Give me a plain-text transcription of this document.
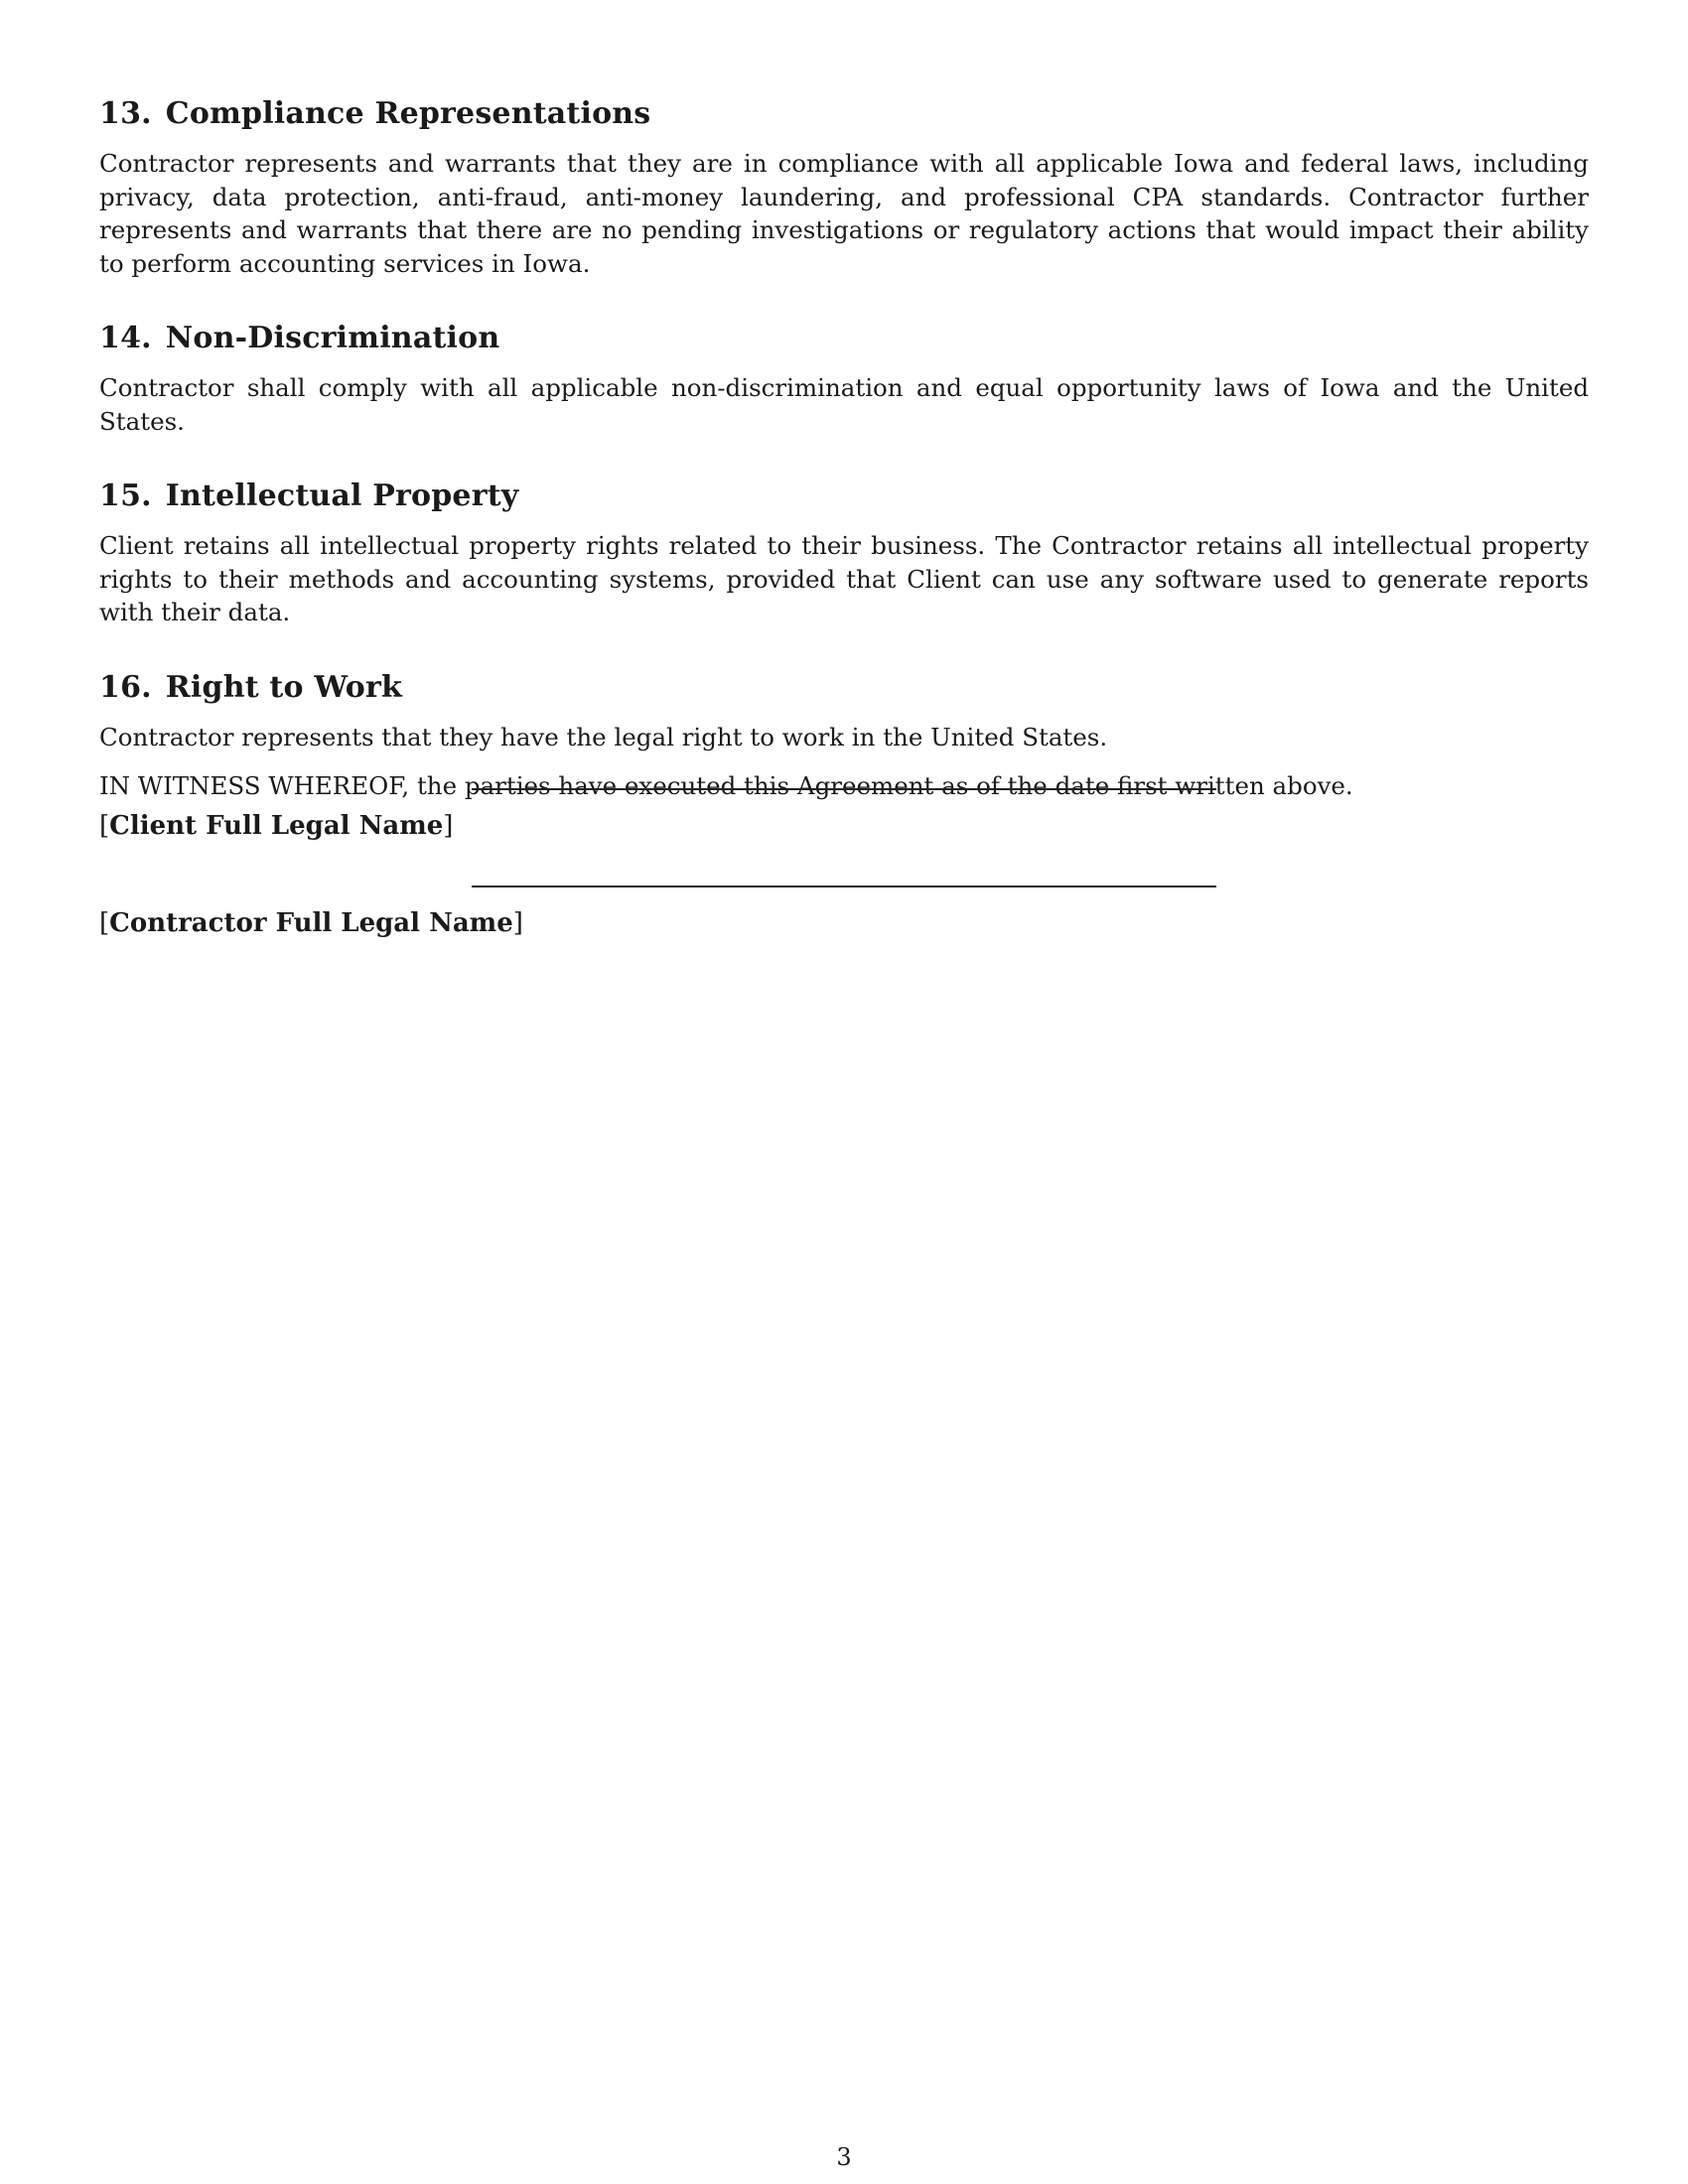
13. Compliance Representations

Contractor represents and warrants that they are in compliance with all applicable Iowa and federal laws, including privacy, data protection, anti-fraud, anti-money laundering, and professional CPA standards. Contractor further represents and warrants that there are no pending investigations or regulatory actions that would impact their ability to perform accounting services in Iowa.

14. Non-Discrimination

Contractor shall comply with all applicable non-discrimination and equal opportunity laws of Iowa and the United States.

15. Intellectual Property

Client retains all intellectual property rights related to their business. The Contractor retains all intellectual property rights to their methods and accounting systems, provided that Client can use any software used to generate reports with their data.

16. Right to Work

Contractor represents that they have the legal right to work in the United States.

IN WITNESS WHEREOF, the parties have executed this Agreement as of the date first written above.

[Client Full Legal Name]
[Contractor Full Legal Name]
3
